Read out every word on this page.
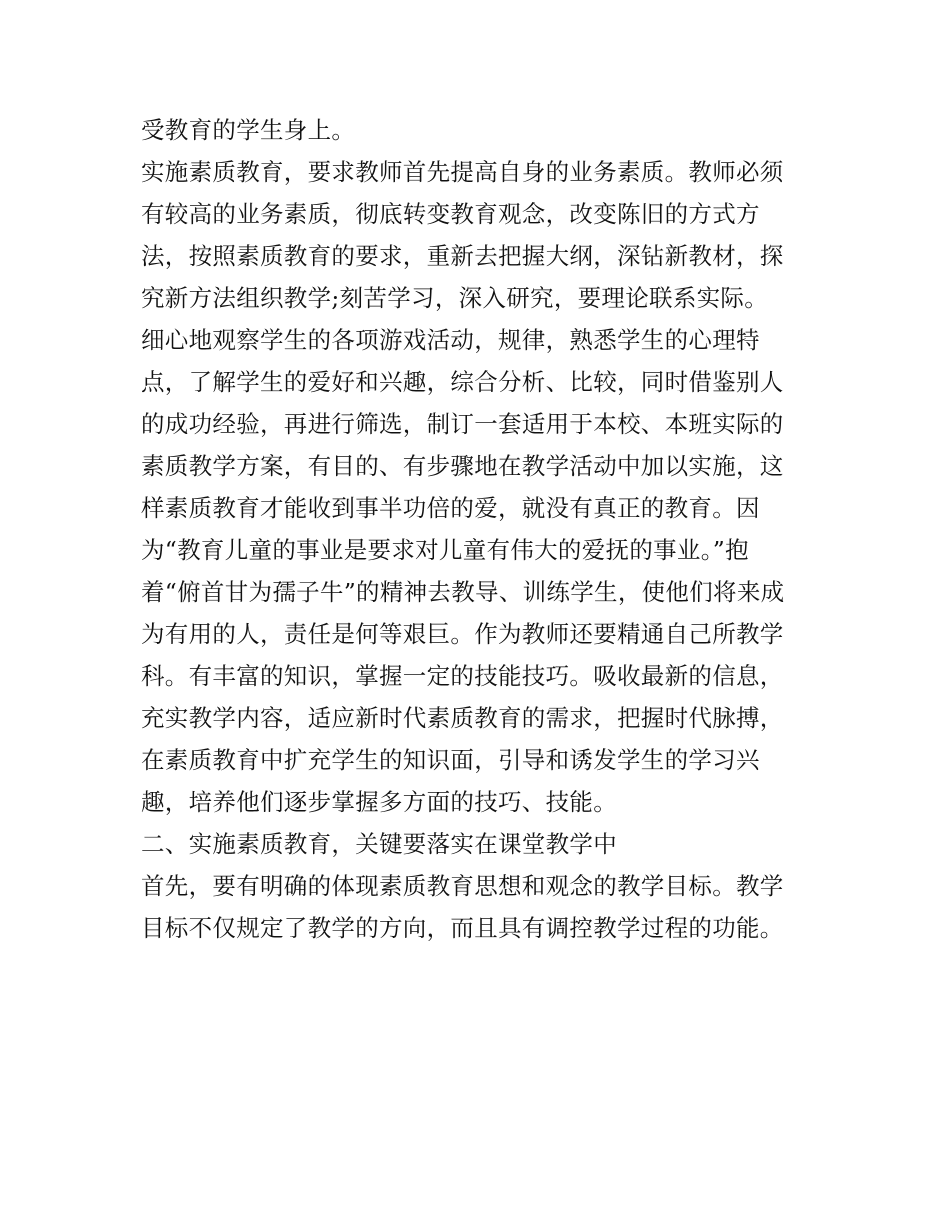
受教育的学生身上。
实施素质教育，要求教师首先提高自身的业务素质。教师必须
有较高的业务素质，彻底转变教育观念，改变陈旧的方式方
法，按照素质教育的要求，重新去把握大纲，深钻新教材，探
究新方法组织教学;刻苦学习，深入研究，要理论联系实际。
细心地观察学生的各项游戏活动，规律，熟悉学生的心理特
点，了解学生的爱好和兴趣，综合分析、比较，同时借鉴别人
的成功经验，再进行筛选，制订一套适用于本校、本班实际的
素质教学方案，有目的、有步骤地在教学活动中加以实施，这
样素质教育才能收到事半功倍的爱，就没有真正的教育。因
为“教育儿童的事业是要求对儿童有伟大的爱抚的事业。”抱
着“俯首甘为孺子牛”的精神去教导、训练学生，使他们将来成
为有用的人，责任是何等艰巨。作为教师还要精通自己所教学
科。有丰富的知识，掌握一定的技能技巧。吸收最新的信息，
充实教学内容，适应新时代素质教育的需求，把握时代脉搏，
在素质教育中扩充学生的知识面，引导和诱发学生的学习兴
趣，培养他们逐步掌握多方面的技巧、技能。
二、实施素质教育，关键要落实在课堂教学中
首先，要有明确的体现素质教育思想和观念的教学目标。教学
目标不仅规定了教学的方向，而且具有调控教学过程的功能。
